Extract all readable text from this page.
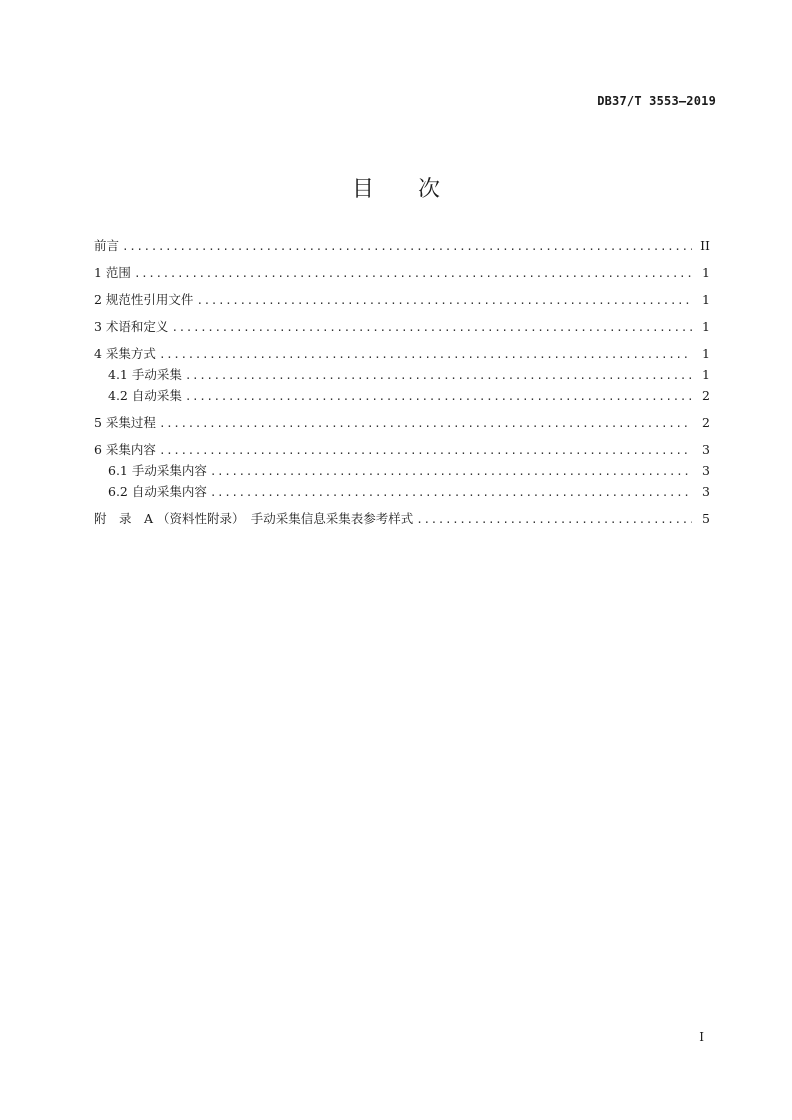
DB37/T 3553—2019
目 次
前言 .....	II
1 范围 .....	1
2 规范性引用文件 .....	1
3 术语和定义 .....	1
4 采集方式 .....	1
4.1 手动采集 .....	1
4.2 自动采集 .....	2
5 采集过程 .....	2
6 采集内容 .....	3
6.1 手动采集内容 .....	3
6.2 自动采集内容 .....	3
附　录　A （资料性附录）　手动采集信息采集表参考样式 .....	5
I
